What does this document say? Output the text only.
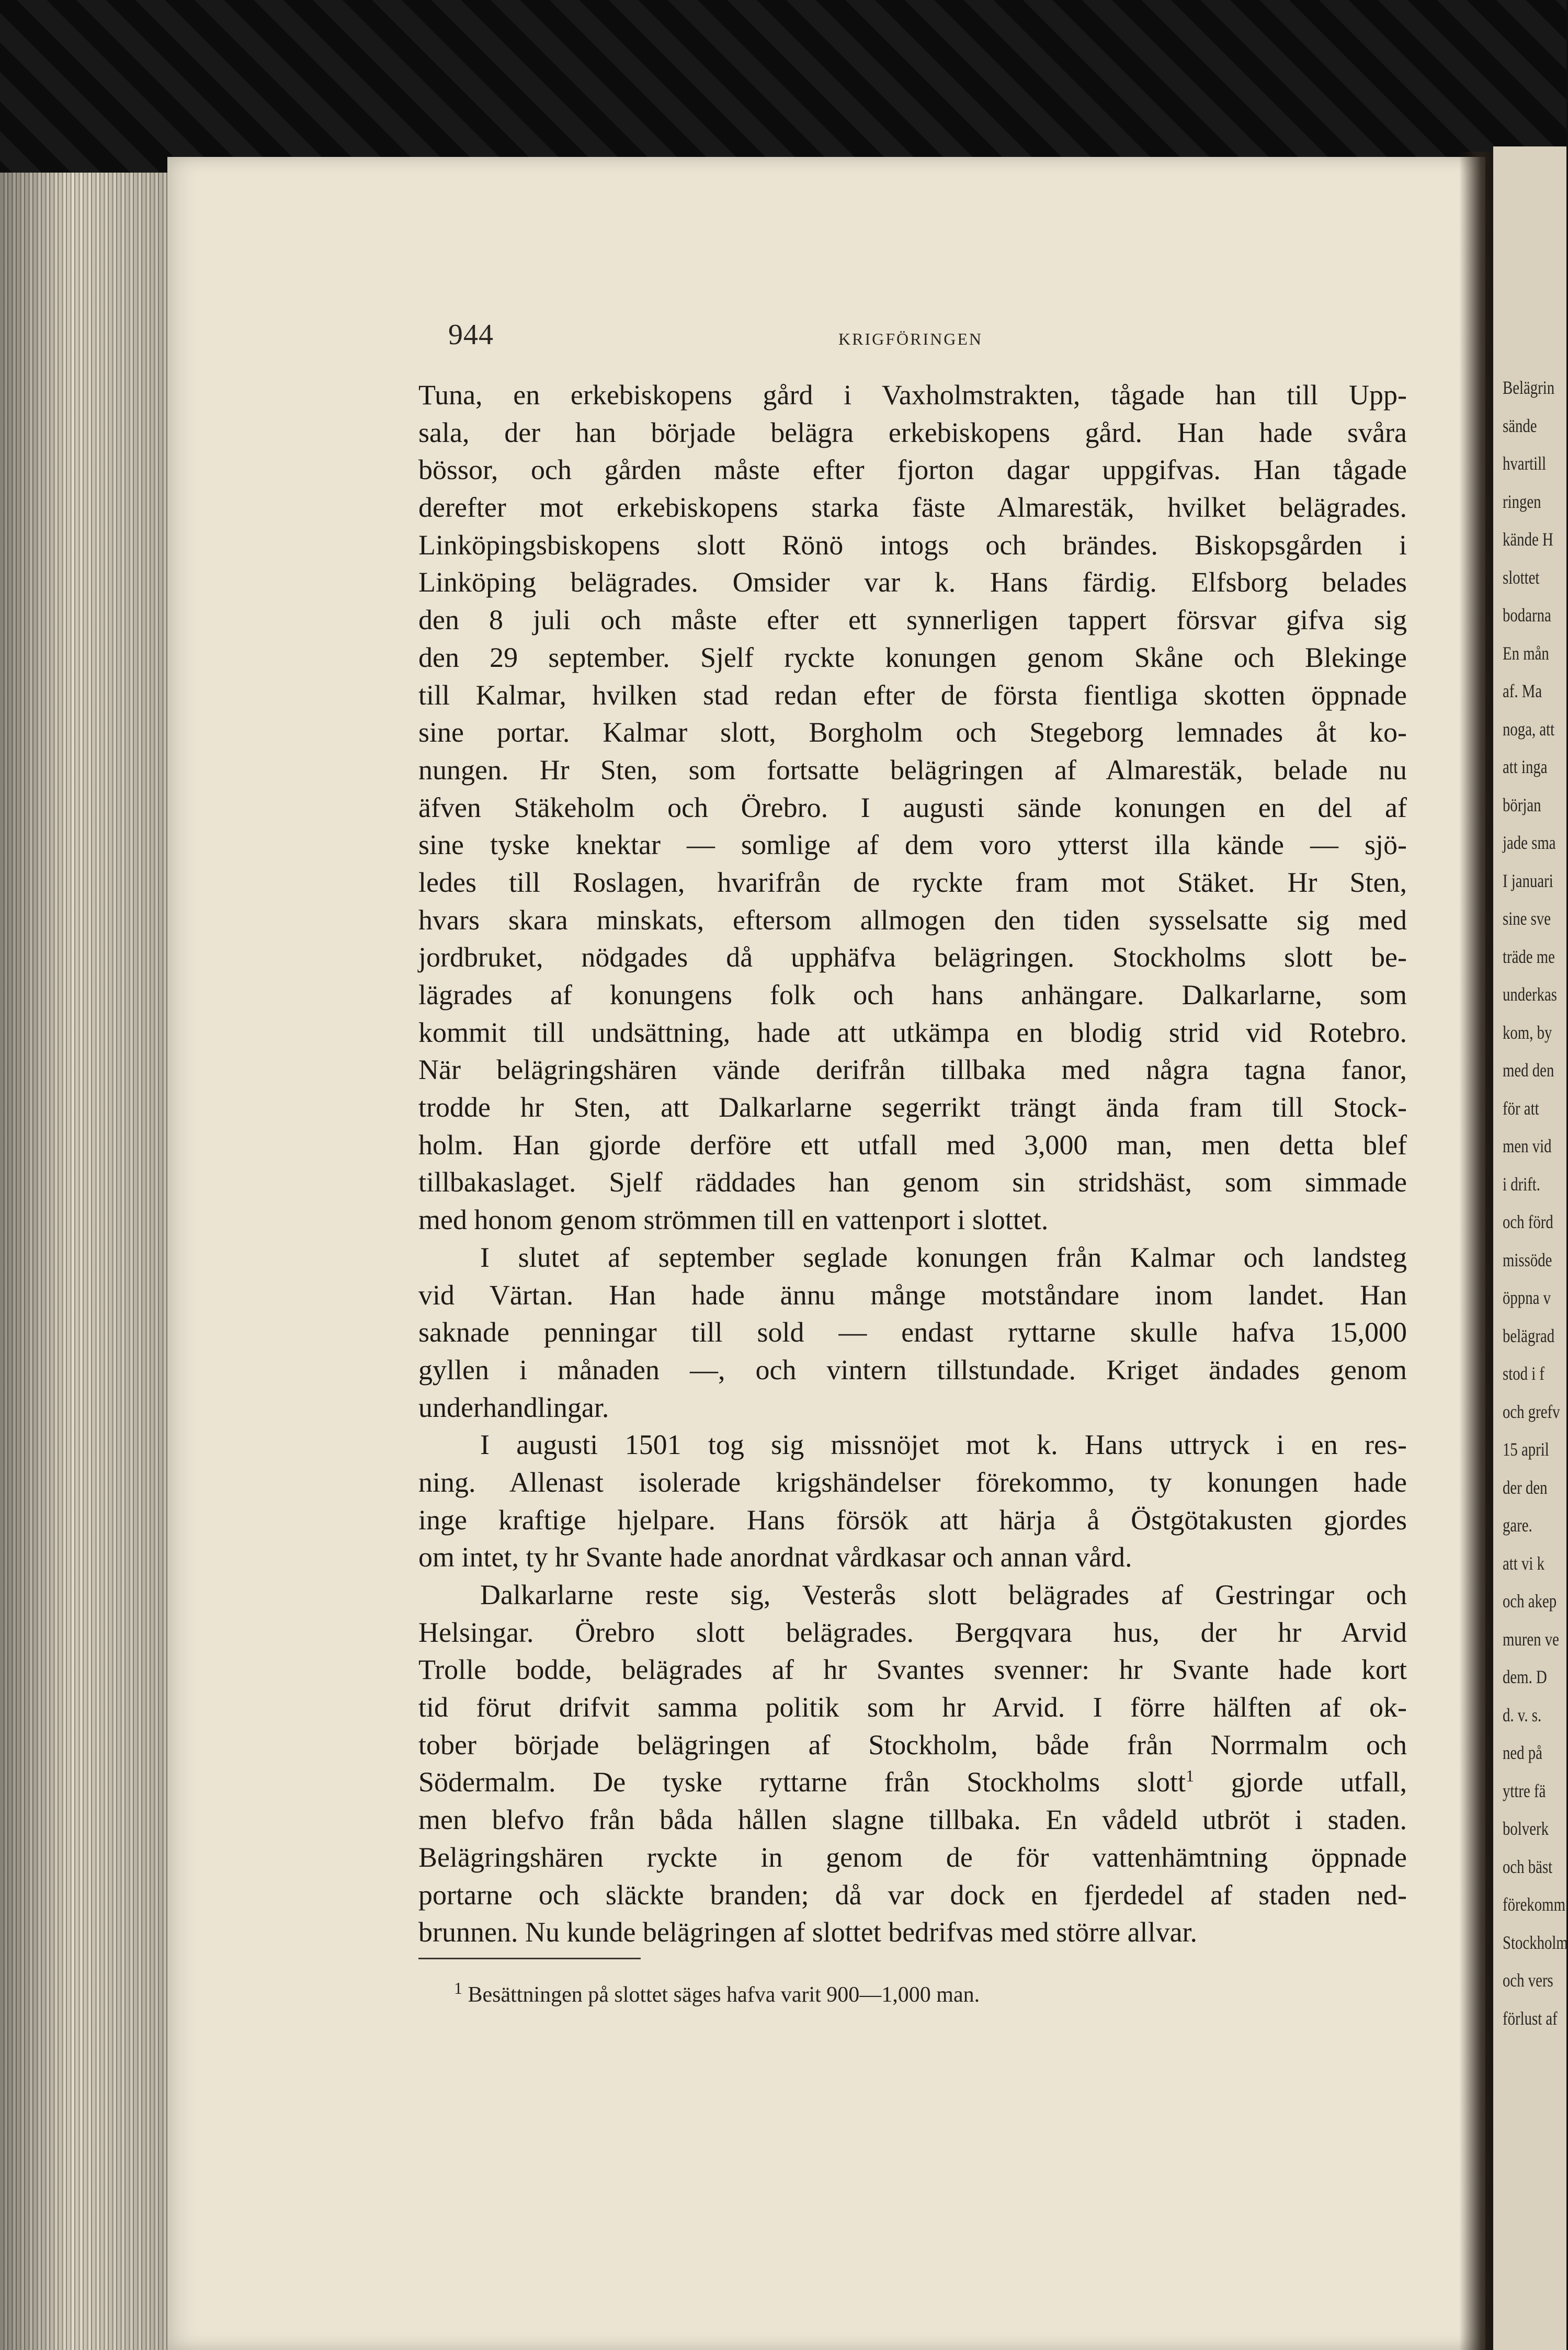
944	KRIGFÖRINGEN
Tuna, en erkebiskopens gård i Vaxholmstrakten, tågade han till Upp-
sala, der han började belägra erkebiskopens gård. Han hade svåra
bössor, och gården måste efter fjorton dagar uppgifvas. Han tågade
derefter mot erkebiskopens starka fäste Almarestäk, hvilket belägrades.
Linköpingsbiskopens slott Rönö intogs och brändes. Biskopsgården i
Linköping belägrades. Omsider var k. Hans färdig. Elfsborg belades
den 8 juli och måste efter ett synnerligen tappert försvar gifva sig
den 29 september. Sjelf ryckte konungen genom Skåne och Blekinge
till Kalmar, hvilken stad redan efter de första fientliga skotten öppnade
sine portar. Kalmar slott, Borgholm och Stegeborg lemnades åt ko-
nungen. Hr Sten, som fortsatte belägringen af Almarestäk, belade nu
äfven Stäkeholm och Örebro. I augusti sände konungen en del af
sine tyske knektar — somlige af dem voro ytterst illa kände — sjö-
ledes till Roslagen, hvarifrån de ryckte fram mot Stäket. Hr Sten,
hvars skara minskats, eftersom allmogen den tiden sysselsatte sig med
jordbruket, nödgades då upphäfva belägringen. Stockholms slott be-
lägrades af konungens folk och hans anhängare. Dalkarlarne, som
kommit till undsättning, hade att utkämpa en blodig strid vid Rotebro.
När belägringshären vände derifrån tillbaka med några tagna fanor,
trodde hr Sten, att Dalkarlarne segerrikt trängt ända fram till Stock-
holm. Han gjorde derföre ett utfall med 3,000 man, men detta blef
tillbakaslaget. Sjelf räddades han genom sin stridshäst, som simmade
med honom genom strömmen till en vattenport i slottet.
I slutet af september seglade konungen från Kalmar och landsteg
vid Värtan. Han hade ännu månge motståndare inom landet. Han
saknade penningar till sold — endast ryttarne skulle hafva 15,000
gyllen i månaden —, och vintern tillstundade. Kriget ändades genom
underhandlingar.
I augusti 1501 tog sig missnöjet mot k. Hans uttryck i en res-
ning. Allenast isolerade krigshändelser förekommo, ty konungen hade
inge kraftige hjelpare. Hans försök att härja å Östgötakusten gjordes
om intet, ty hr Svante hade anordnat vårdkasar och annan vård.
Dalkarlarne reste sig, Vesterås slott belägrades af Gestringar och
Helsingar. Örebro slott belägrades. Bergqvara hus, der hr Arvid
Trolle bodde, belägrades af hr Svantes svenner: hr Svante hade kort
tid förut drifvit samma politik som hr Arvid. I förre hälften af ok-
tober började belägringen af Stockholm, både från Norrmalm och
Södermalm. De tyske ryttarne från Stockholms slott$^1$ gjorde utfall,
men blefvo från båda hållen slagne tillbaka. En vådeld utbröt i staden.
Belägringshären ryckte in genom de för vattenhämtning öppnade
portarne och släckte branden; då var dock en fjerdedel af staden ned-
brunnen. Nu kunde belägringen af slottet bedrifvas med större allvar.
$^1$ Besättningen på slottet säges hafva varit 900—1,000 man.
Belägrin
sände
hvartill
ringen
kände H
slottet
bodarna
En mån
af. Ma
noga, att
att inga
början
jade sma
I januari
sine sve
träde me
underkas
kom, by
med den
för att
men vid
i drift.
och förd
missöde
öppna v
belägrad
stod i f
och grefv
15 april
der den
gare.
att vi k
och akep
muren ve
dem. D
d. v. s.
ned på
yttre fä
bolverk
och bäst
förekomm
Stockholm
och vers
förlust af
